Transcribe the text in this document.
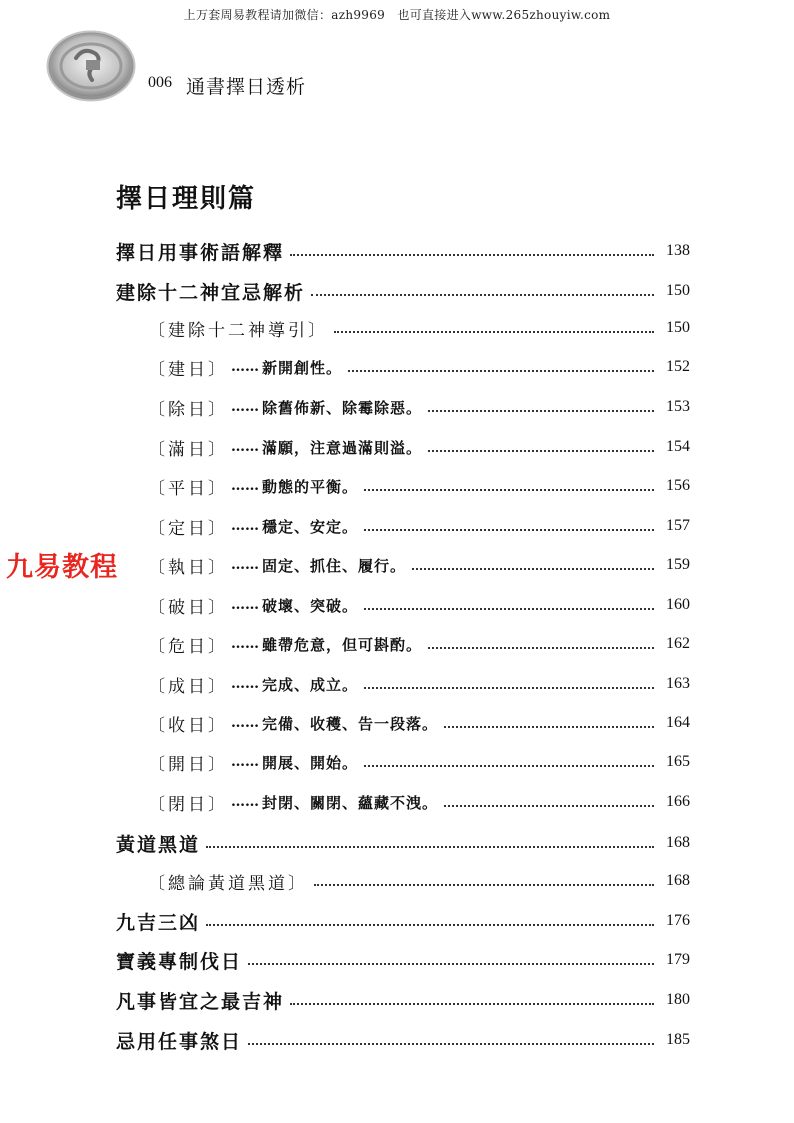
上万套周易教程请加微信：azh9969　也可直接进入www.265zhouyiw.com
006 通書擇日透析
擇日理則篇
九易教程
擇日用事術語解釋	138
建除十二神宜忌解析	150
〔建除十二神導引〕	150
〔建日〕 …… 新開創性。	152
〔除日〕 …… 除舊佈新、除霉除惡。	153
〔滿日〕 …… 滿願，注意過滿則溢。	154
〔平日〕 …… 動態的平衡。	156
〔定日〕 …… 穩定、安定。	157
〔執日〕 …… 固定、抓住、履行。	159
〔破日〕 …… 破壞、突破。	160
〔危日〕 …… 雖帶危意，但可斟酌。	162
〔成日〕 …… 完成、成立。	163
〔收日〕 …… 完備、收穫、告一段落。	164
〔開日〕 …… 開展、開始。	165
〔閉日〕 …… 封閉、關閉、蘊藏不洩。	166
黃道黑道	168
〔總論黃道黑道〕	168
九吉三凶	176
寶義專制伐日	179
凡事皆宜之最吉神	180
忌用任事煞日	185
